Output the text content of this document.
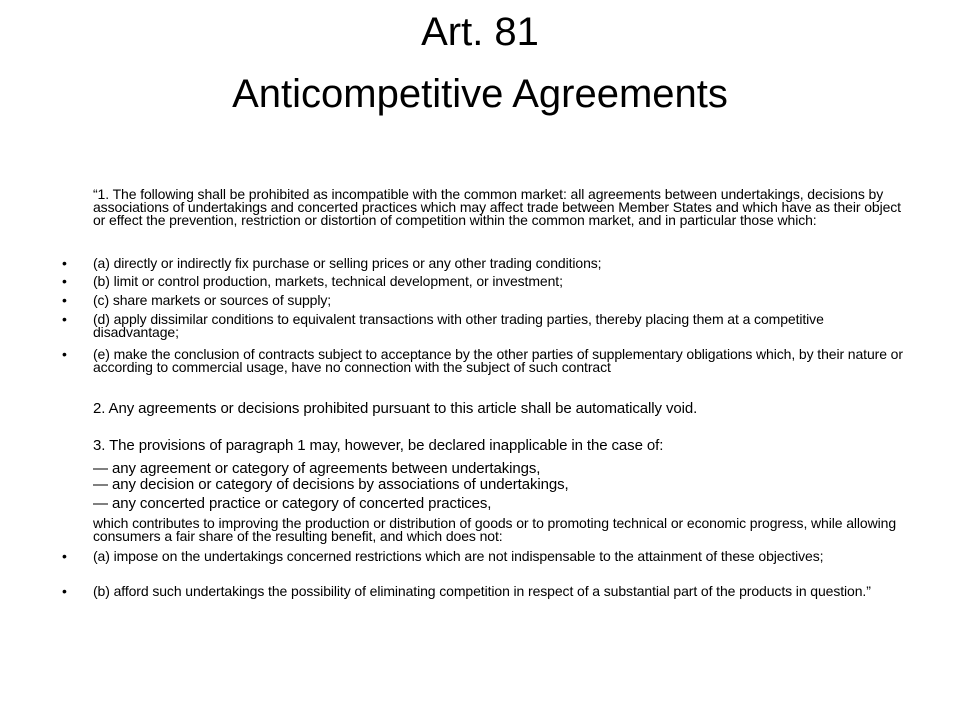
Art. 81
Anticompetitive Agreements
“1. The following shall be prohibited as incompatible with the common market: all agreements between undertakings, decisions by associations of undertakings and concerted practices which may affect trade between Member States and which have as their object or effect the prevention, restriction or distortion of competition within the common market, and in particular those which:
•	(a) directly or indirectly fix purchase or selling prices or any other trading conditions;
•	(b) limit or control production, markets, technical development, or investment;
•	(c) share markets or sources of supply;
•	(d) apply dissimilar conditions to equivalent transactions with other trading parties, thereby placing them at a competitive disadvantage;
•	(e) make the conclusion of contracts subject to acceptance by the other parties of supplementary obligations which, by their nature or according to commercial usage, have no connection with the subject of such contract
2. Any agreements or decisions prohibited pursuant to this article shall be automatically void.
3. The provisions of paragraph 1 may, however, be declared inapplicable in the case of:
— any agreement or category of agreements between undertakings,
— any decision or category of decisions by associations of undertakings,
— any concerted practice or category of concerted practices,
which contributes to improving the production or distribution of goods or to promoting technical or economic progress, while allowing consumers a fair share of the resulting benefit, and which does not:
•	(a) impose on the undertakings concerned restrictions which are not indispensable to the attainment of these objectives;
•	(b) afford such undertakings the possibility of eliminating competition in respect of a substantial part of the products in question.”
